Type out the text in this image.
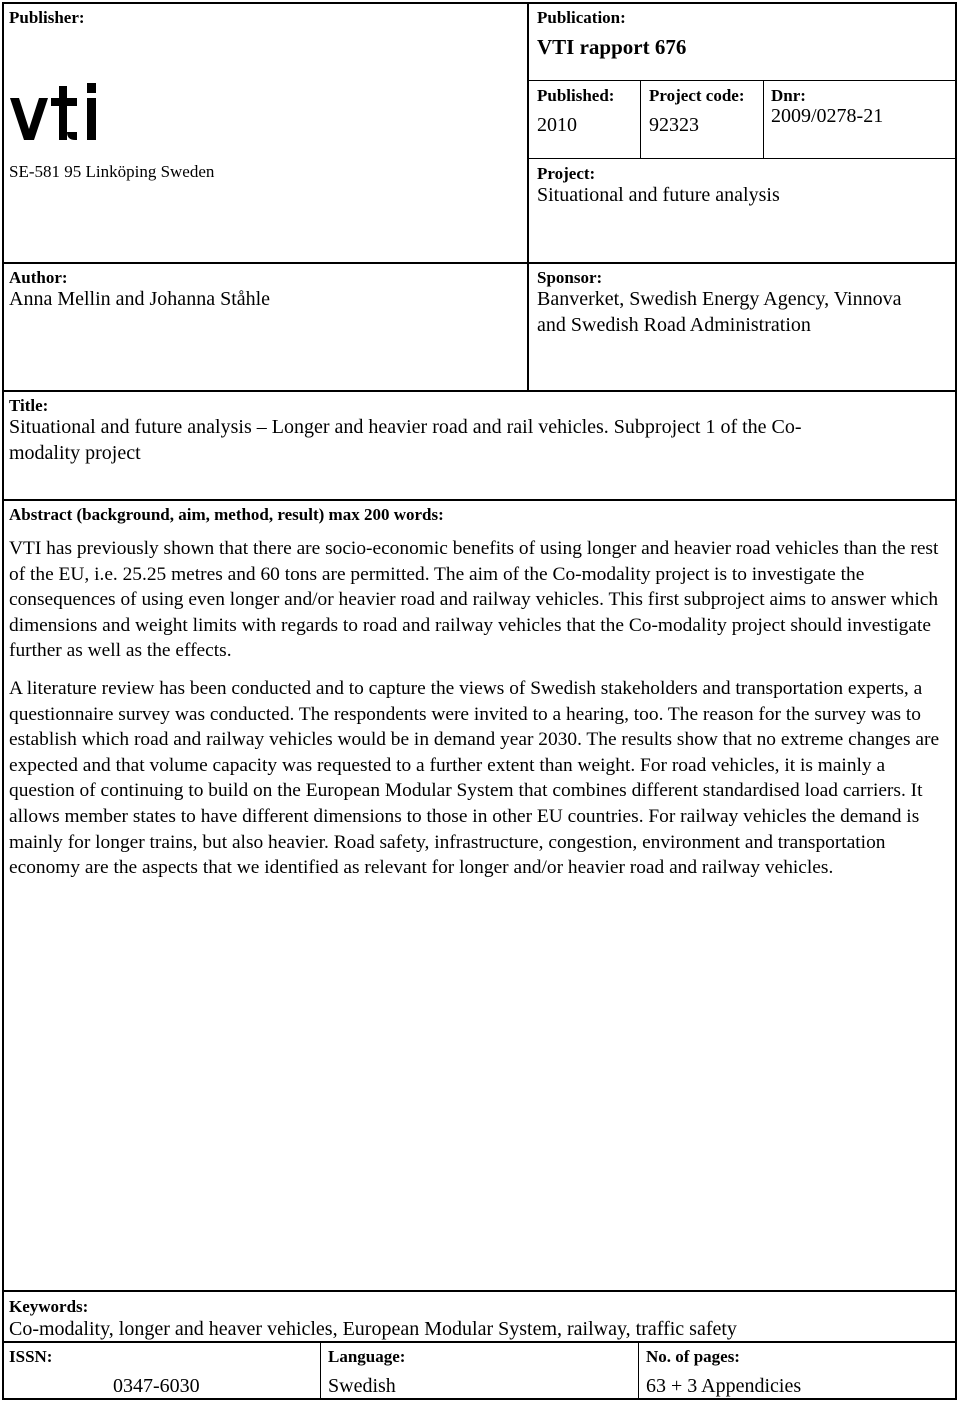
Publisher:
SE-581 95 Linköping Sweden
Publication:
VTI rapport 676
Published:
2010
Project code:
92323
Dnr:
2009/0278-21
Project:
Situational and future analysis
Author:
Anna Mellin and Johanna Ståhle
Sponsor:
Banverket, Swedish Energy Agency, Vinnova
and Swedish Road Administration
Title:
Situational and future analysis – Longer and heavier road and rail vehicles. Subproject 1 of the Co-
modality project
Abstract (background, aim, method, result) max 200 words:

VTI has previously shown that there are socio-economic benefits of using longer and heavier road vehicles than the rest of the EU, i.e. 25.25 metres and 60 tons are permitted. The aim of the Co-modality project is to investigate the consequences of using even longer and/or heavier road and railway vehicles. This first subproject aims to answer which dimensions and weight limits with regards to road and railway vehicles that the Co-modality project should investigate further as well as the effects.

A literature review has been conducted and to capture the views of Swedish stakeholders and transportation experts, a questionnaire survey was conducted. The respondents were invited to a hearing, too. The reason for the survey was to establish which road and railway vehicles would be in demand year 2030. The results show that no extreme changes are expected and that volume capacity was requested to a further extent than weight. For road vehicles, it is mainly a question of continuing to build on the European Modular System that combines different standardised load carriers. It allows member states to have different dimensions to those in other EU countries. For railway vehicles the demand is mainly for longer trains, but also heavier. Road safety, infrastructure, congestion, environment and transportation economy are the aspects that we identified as relevant for longer and/or heavier road and railway vehicles.

Keywords:
Co-modality, longer and heaver vehicles, European Modular System, railway, traffic safety
ISSN:
0347-6030
Language:
Swedish
No. of pages:
63 + 3 Appendicies
